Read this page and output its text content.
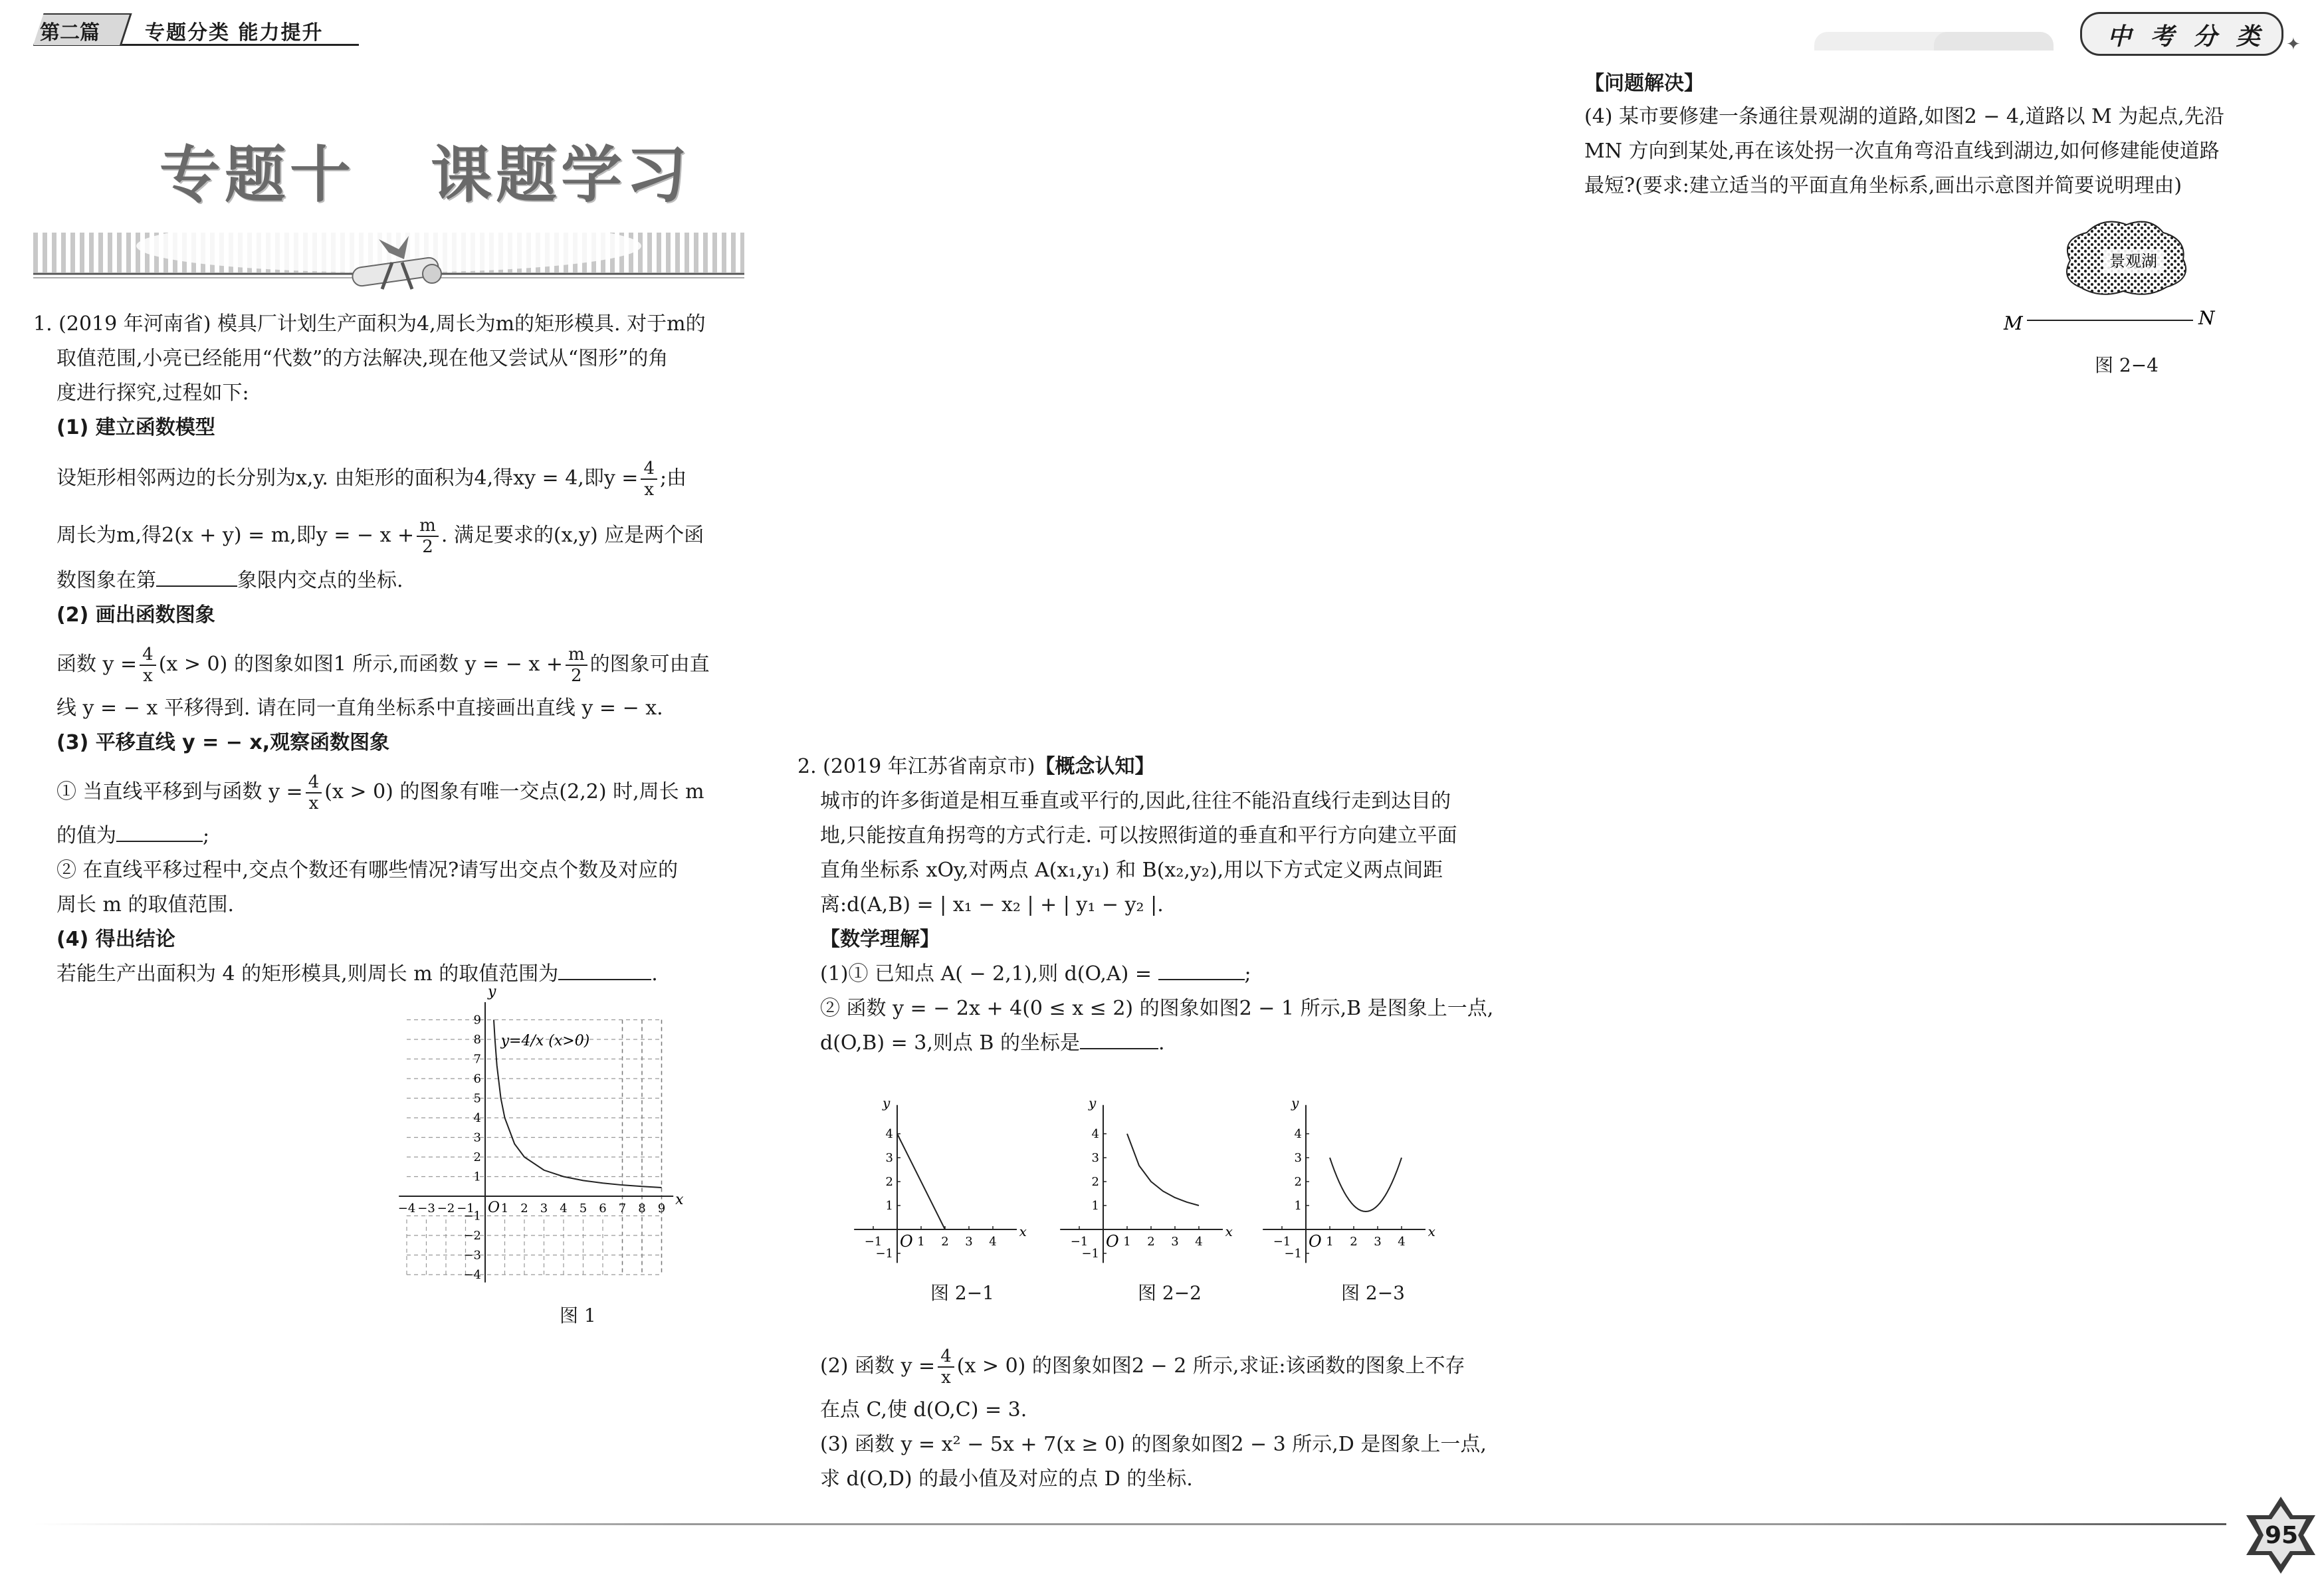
第二篇 专题分类 能力提升	中 考 分 类 ✦
专题十   课题学习
1. (2019 年河南省) 模具厂计划生产面积为4,周长为m的矩形模具. 对于m的
取值范围,小亮已经能用“代数”的方法解决,现在他又尝试从“图形”的角
度进行探究,过程如下:
(1) 建立函数模型
设矩形相邻两边的长分别为x,y. 由矩形的面积为4,得xy = 4,即$y = \frac{4}{x}$ ;由
周长为m,得2(x + y) = m,即y = − $x + \frac{m}{2}$ . 满足要求的(x,y) 应是两个函
数图象在第	象限内交点的坐标.
(2) 画出函数图象
函数 $y = \frac{4}{x} (x > 0)$ 的图象如图1 所示,而函数 y = − $x + \frac{m}{2}$ 的图象可由直
线 y = − x 平移得到. 请在同一直角坐标系中直接画出直线 y = − x.
(3) 平移直线 y = − x,观察函数图象
① 当直线平移到与函数 $y = \frac{4}{x} (x > 0)$ 的图象有唯一交点(2,2) 时,周长 m
的值为	;
② 在直线平移过程中,交点个数还有哪些情况?请写出交点个数及对应的
周长 m 的取值范围.
(4) 得出结论
若能生产出面积为 4 的矩形模具,则周长 m 的取值范围为	.
x
y
O
−4 −3 −2 −1 1 2 3 4 5 6 7 8 9
9
8
7
6
5
4
3
2
1
−1
−2
−3
−4
y=4/x (x>0)
图 1
2. (2019 年江苏省南京市)【概念认知】
城市的许多街道是相互垂直或平行的,因此,往往不能沿直线行走到达目的
地,只能按直角拐弯的方式行走. 可以按照街道的垂直和平行方向建立平面
直角坐标系 xOy,对两点 A(x₁,y₁) 和 B(x₂,y₂),用以下方式定义两点间距
离:d(A,B) = | x₁ − x₂ | + | y₁ − y₂ |.
【数学理解】
(1)① 已知点 A( − 2,1),则 d(O,A) =	;
② 函数 y = − 2x + 4(0 ≤ x ≤ 2) 的图象如图2 − 1 所示,B 是图象上一点,
d(O,B) = 3,则点 B 的坐标是	.
x
y
O
−1	1 2 3 4
4
3
2
1
−1
x
y
O
−1	1 2 3 4
4
3
2
1
−1
x
y
O
−1	1 2 3 4
4
3
2
1
−1
图 2−1	图 2−2	图 2−3
(2) 函数 $y = \frac{4}{x} (x > 0)$ 的图象如图2 − 2 所示,求证:该函数的图象上不存
在点 C,使 d(O,C) = 3.
(3) 函数 y = x² − 5x + 7(x ≥ 0) 的图象如图2 − 3 所示,D 是图象上一点,
求 d(O,D) 的最小值及对应的点 D 的坐标.
【问题解决】
(4) 某市要修建一条通往景观湖的道路,如图2 − 4,道路以 M 为起点,先沿
MN 方向到某处,再在该处拐一次直角弯沿直线到湖边,如何修建能使道路
最短?(要求:建立适当的平面直角坐标系,画出示意图并简要说明理由)
景观湖
M	N
图 2−4
95
